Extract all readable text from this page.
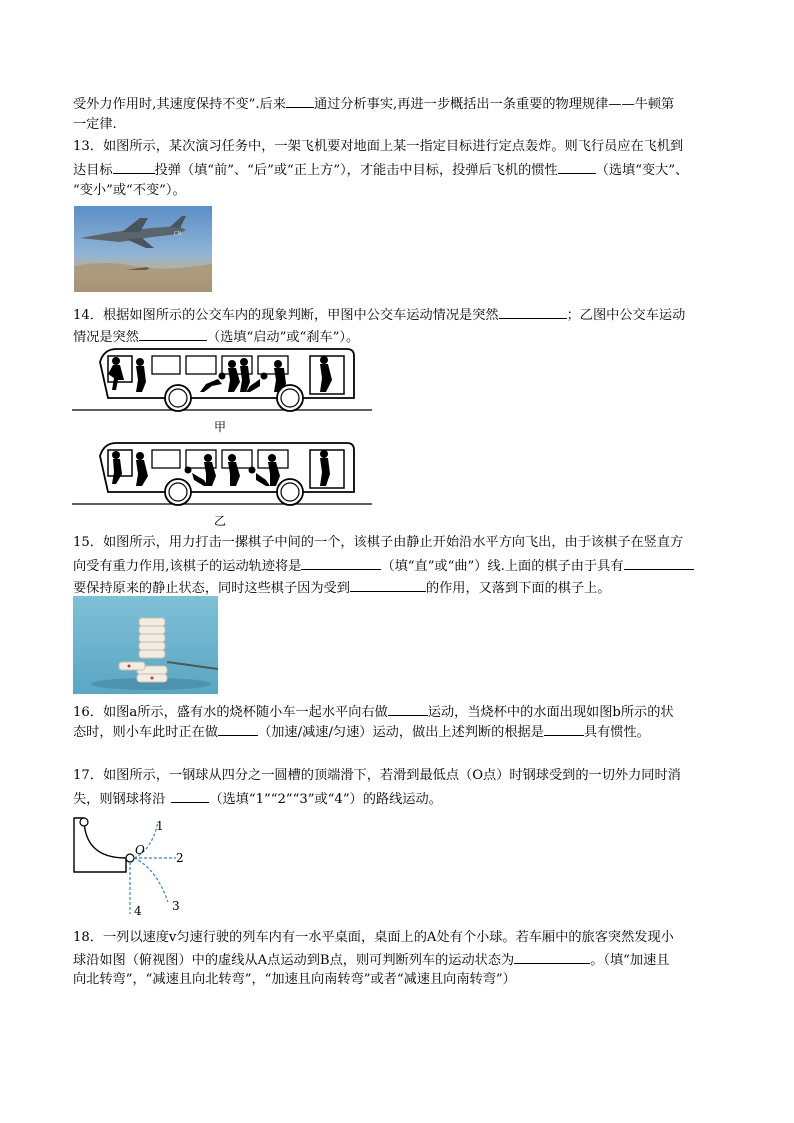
受外力作用时,其速度保持不变”.后来 通过分析事实,再进一步概括出一条重要的物理规律——牛顿第
一定律.
13．如图所示，某次演习任务中，一架飞机要对地面上某一指定目标进行定点轰炸。则飞行员应在飞机到
达目标	投弹（填“前”、“后”或“正上方”），才能击中目标，投弹后飞机的惯性	（选填“变大”、
“变小”或“不变”）。
CN
14．根据如图所示的公交车内的现象判断，甲图中公交车运动情况是突然	；乙图中公交车运动
情况是突然	（选填“启动”或“刹车”）。
甲
乙
15．如图所示，用力打击一摞棋子中间的一个，该棋子由静止开始沿水平方向飞出，由于该棋子在竖直方
向受有重力作用,该棋子的运动轨迹将是	（填“直”或“曲”）线.上面的棋子由于具有
要保持原来的静止状态，同时这些棋子因为受到	的作用，又落到下面的棋子上。
16．如图a所示，盛有水的烧杯随小车一起水平向右做	运动，当烧杯中的水面出现如图b所示的状
态时，则小车此时正在做	（加速/减速/匀速）运动，做出上述判断的根据是	具有惯性。
17．如图所示，一钢球从四分之一圆槽的顶端滑下，若滑到最低点（O点）时钢球受到的一切外力同时消
失，则钢球将沿	（选填“1”“2”“3”或“4”）的路线运动。
O
1
2
3
4
18．一列以速度v匀速行驶的列车内有一水平桌面，桌面上的A处有个小球。若车厢中的旅客突然发现小
球沿如图（俯视图）中的虚线从A点运动到B点，则可判断列车的运动状态为	。（填“加速且
向北转弯”，“减速且向北转弯”，“加速且向南转弯”或者“减速且向南转弯”）
